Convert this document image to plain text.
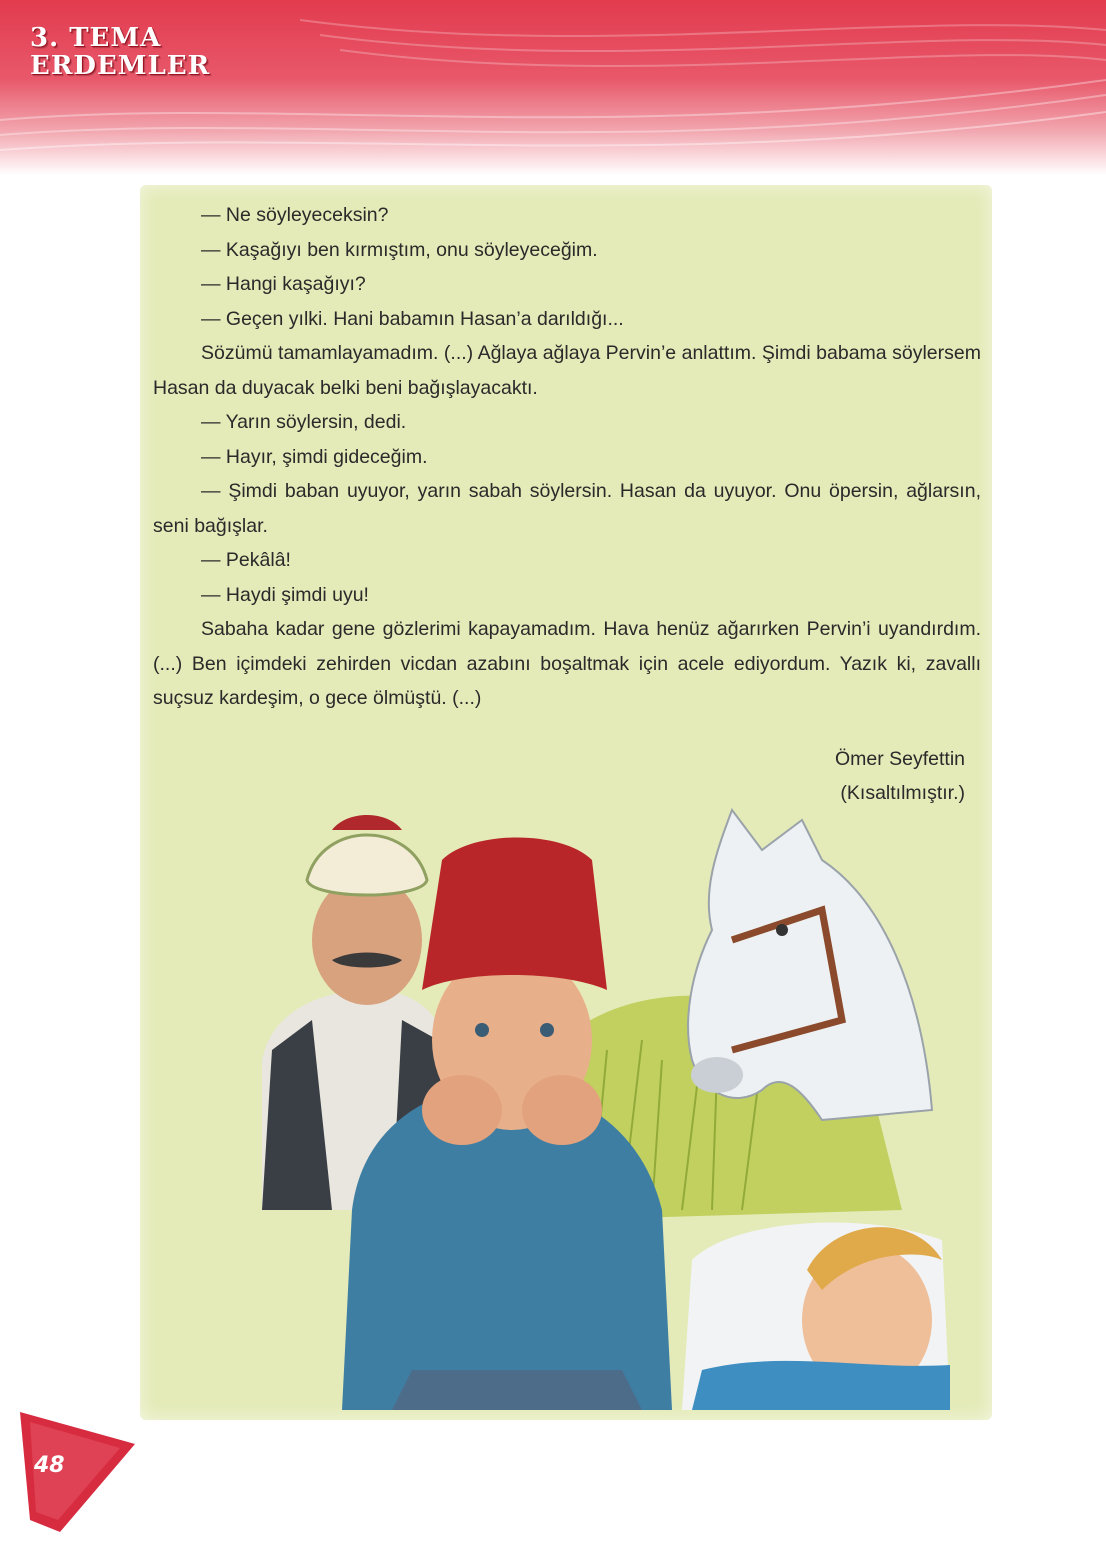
3. TEMA
ERDEMLER

— Ne söyleyeceksin?

— Kaşağıyı ben kırmıştım, onu söyleyeceğim.

— Hangi kaşağıyı?

— Geçen yılki. Hani babamın Hasan’a darıldığı...

Sözümü tamamlayamadım. (...) Ağlaya ağlaya Pervin’e anlattım. Şimdi babama söylersem Hasan da duyacak belki beni bağışlayacaktı.

— Yarın söylersin, dedi.

— Hayır, şimdi gideceğim.

— Şimdi baban uyuyor, yarın sabah söylersin. Hasan da uyuyor. Onu öpersin, ağlarsın, seni bağışlar.

— Pekâlâ!

— Haydi şimdi uyu!

Sabaha kadar gene gözlerimi kapayamadım. Hava henüz ağarırken Pervin’i uyandırdım. (...) Ben içimdeki zehirden vicdan azabını boşaltmak için acele ediyordum. Yazık ki, zavallı suçsuz kardeşim, o gece ölmüştü. (...)

Ömer Seyfettin
(Kısaltılmıştır.)
48
